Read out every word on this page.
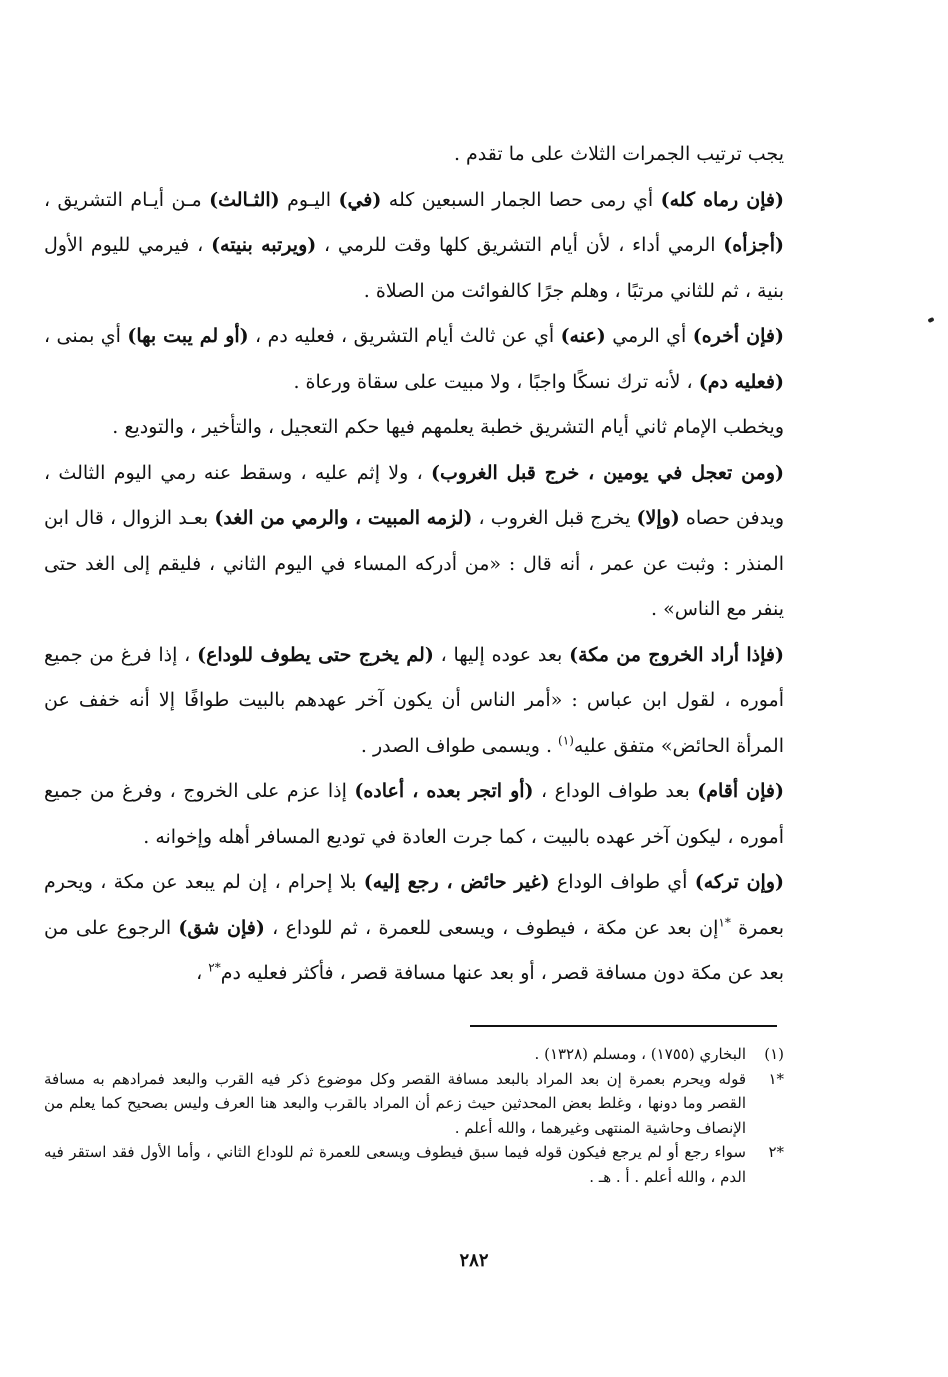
يجب ترتيب الجمرات الثلاث على ما تقدم .

(فإن رماه كله) أي رمى حصا الجمار السبعين كله (في) اليـوم (الثـالث) مـن أيـام التشريق ، (أجزأه) الرمي أداء ، لأن أيام التشريق كلها وقت للرمي ، (ويرتبه بنيته) ، فيرمي لليوم الأول بنية ، ثم للثاني مرتبًا ، وهلم جرًا كالفوائت من الصلاة .

(فإن أخره) أي الرمي (عنه) أي عن ثالث أيام التشريق ، فعليه دم ، (أو لم يبت بها) أي بمنى ، (فعليه دم) ، لأنه ترك نسكًا واجبًا ، ولا مبيت على سقاة ورعاة .

ويخطب الإمام ثاني أيام التشريق خطبة يعلمهم فيها حكم التعجيل ، والتأخير ، والتوديع .

(ومن تعجل في يومين ، خرج قبل الغروب) ، ولا إثم عليه ، وسقط عنه رمي اليوم الثالث ، ويدفن حصاه (وإلا) يخرج قبل الغروب ، (لزمه المبيت ، والرمي من الغد) بعـد الزوال ، قال ابن المنذر : وثبت عن عمر ، أنه قال : «من أدركه المساء في اليوم الثاني ، فليقم إلى الغد حتى ينفر مع الناس» .

(فإذا أراد الخروج من مكة) بعد عوده إليها ، (لم يخرج حتى يطوف للوداع) ، إذا فرغ من جميع أموره ، لقول ابن عباس : «أمر الناس أن يكون آخر عهدهم بالبيت طوافًا إلا أنه خفف عن المرأة الحائض» متفق عليه$^{(١)}$ . ويسمى طواف الصدر .

(فإن أقام) بعد طواف الوداع ، (أو اتجر بعده ، أعاده) إذا عزم على الخروج ، وفرغ من جميع أموره ، ليكون آخر عهده بالبيت ، كما جرت العادة في توديع المسافر أهله وإخوانه .

(وإن تركه) أي طواف الوداع (غير حائض ، رجع إليه) بلا إحرام ، إن لم يبعد عن مكة ، ويحرم بعمرة $^{*١}$إن بعد عن مكة ، فيطوف ، ويسعى للعمرة ، ثم للوداع ، (فإن شق) الرجوع على من بعد عن مكة دون مسافة قصر ، أو بعد عنها مسافة قصر ، فأكثر فعليه دم$^{*٢}$ ،

(١)
البخاري (١٧٥٥) ، ومسلم (١٣٢٨) .
*١
قوله ويحرم بعمرة إن بعد المراد بالبعد مسافة القصر وكل موضوع ذكر فيه القرب والبعد فمرادهم به مسافة القصر وما دونها ، وغلط بعض المحدثين حيث زعم أن المراد بالقرب والبعد هنا العرف وليس بصحيح كما يعلم من الإنصاف وحاشية المنتهى وغيرهما ، والله أعلم .
*٢
سواء رجع أو لم يرجع فيكون قوله فيما سبق فيطوف ويسعى للعمرة ثم للوداع الثاني ، وأما الأول فقد استقر فيه الدم ، والله أعلم . أ . هـ .
٢٨٢
